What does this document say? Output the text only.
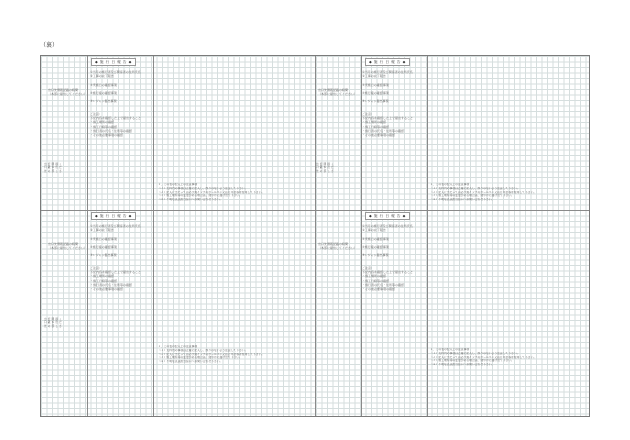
（裏）
◆ 施 行 日 報 告 ◆
出口先情報記載の時間
（本部に提出してください）
①当月の施行者及び関係者の住所氏名
②工事の完了報告

③実施日の確認事項

④施行後の確認事項

⑤レジャン提出事項

ご注意：
下記内容を確認した上で提出すること
・施工場所の確認
・施工日時等の確認
・施行者の氏名・住所等の確認
・その他必要事項の確認
出
口
先
記
載
の
間
本
部
提
出
し
く
だ
さ
１．この表の記入上の注意事項
（１）太枠内の事項は正確に記入し、誤りのないよう注意して下さい。
（２）記入に当たっては必ず黒インクのボールペン又は万年筆等を使用して下さい。
（３）施工場所等の変更がある場合は、速やかに届け出て下さい。
（４）不明な点は担当窓口へお問い合わせ下さい。
◆ 施 行 日 報 告 ◆
出口先情報記載の時間
（本部に提出してください）
①当月の施行者及び関係者の住所氏名
②工事の完了報告

③実施日の確認事項

④施行後の確認事項

⑤レジャン提出事項

ご注意：
下記内容を確認した上で提出すること
・施工場所の確認
・施工日時等の確認
・施行者の氏名・住所等の確認
・その他必要事項の確認
出
口
先
記
載
の
間
本
部
提
出
し
く
だ
さ
１．この表の記入上の注意事項
（１）太枠内の事項は正確に記入し、誤りのないよう注意して下さい。
（２）記入に当たっては必ず黒インクのボールペン又は万年筆等を使用して下さい。
（３）施工場所等の変更がある場合は、速やかに届け出て下さい。
（４）不明な点は担当窓口へお問い合わせ下さい。
◆ 施 行 日 報 告 ◆
出口先情報記載の時間
（本部に提出してください）
①当月の施行者及び関係者の住所氏名
②工事の完了報告

③実施日の確認事項

④施行後の確認事項

⑤レジャン提出事項

ご注意：
下記内容を確認した上で提出すること
・施工場所の確認
・施工日時等の確認
・施行者の氏名・住所等の確認
・その他必要事項の確認
出
口
先
記
載
の
間
本
部
提
出
し
く
だ
さ
１．この表の記入上の注意事項
（１）太枠内の事項は正確に記入し、誤りのないよう注意して下さい。
（２）記入に当たっては必ず黒インクのボールペン又は万年筆等を使用して下さい。
（３）施工場所等の変更がある場合は、速やかに届け出て下さい。
（４）不明な点は担当窓口へお問い合わせ下さい。
◆ 施 行 日 報 告 ◆
出口先情報記載の時間
（本部に提出してください）
①当月の施行者及び関係者の住所氏名
②工事の完了報告

③実施日の確認事項

④施行後の確認事項

⑤レジャン提出事項

ご注意：
下記内容を確認した上で提出すること
・施工場所の確認
・施工日時等の確認
・施行者の氏名・住所等の確認
・その他必要事項の確認
１．この表の記入上の注意事項
（１）太枠内の事項は正確に記入し、誤りのないよう注意して下さい。
（２）記入に当たっては必ず黒インクのボールペン又は万年筆等を使用して下さい。
（３）施工場所等の変更がある場合は、速やかに届け出て下さい。
（４）不明な点は担当窓口へお問い合わせ下さい。
